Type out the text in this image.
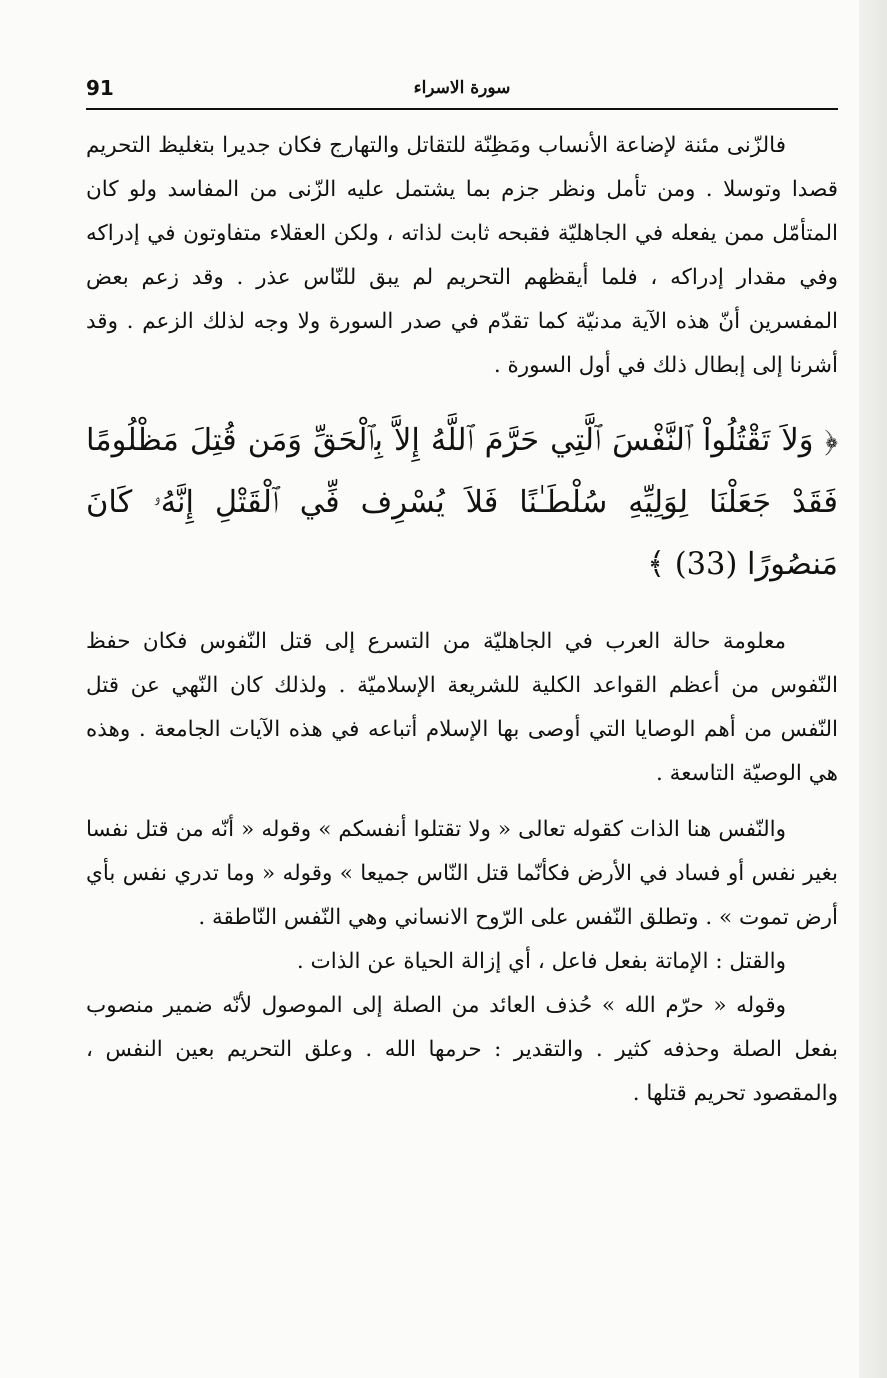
91	سورة الاسراء

فالزّنى مئنة لإضاعة الأنساب ومَظِنّة للتقاتل والتهارج فكان جديرا بتغليظ التحريم قصدا وتوسلا . ومن تأمل ونظر جزم بما يشتمل عليه الزّنى من المفاسد ولو كان المتأمّل ممن يفعله في الجاهليّة فقبحه ثابت لذاته ، ولكن العقلاء متفاوتون في إدراكه وفي مقدار إدراكه ، فلما أيقظهم التحريم لم يبق للنّاس عذر . وقد زعم بعض المفسرين أنّ هذه الآية مدنيّة كما تقدّم في صدر السورة ولا وجه لذلك الزعم . وقد أشرنا إلى إبطال ذلك في أول السورة .

﴿ وَلاَ تَقْتُلُواْ ٱلنَّفْسَ ٱلَّتِي حَرَّمَ ٱللَّهُ إِلاَّ بِٱلْحَقِّ وَمَن قُتِلَ مَظْلُومًا فَقَدْ جَعَلْنَا لِوَلِيِّهِ سُلْطَـٰنًا فَلاَ يُسْرِف فِّي ٱلْقَتْلِ إِنَّهُۥ كَانَ مَنصُورًا (33) ﴾

معلومة حالة العرب في الجاهليّة من التسرع إلى قتل النّفوس فكان حفظ النّفوس من أعظم القواعد الكلية للشريعة الإسلاميّة . ولذلك كان النّهي عن قتل النّفس من أهم الوصايا التي أوصى بها الإسلام أتباعه في هذه الآيات الجامعة . وهذه هي الوصيّة التاسعة .

والنّفس هنا الذات كقوله تعالى « ولا تقتلوا أنفسكم » وقوله « أنّه من قتل نفسا بغير نفس أو فساد في الأرض فكأنّما قتل النّاس جميعا » وقوله « وما تدري نفس بأي أرض تموت » . وتطلق النّفس على الرّوح الانساني وهي النّفس النّاطقة .

والقتل : الإماتة بفعل فاعل ، أي إزالة الحياة عن الذات .

وقوله « حرّم الله » حُذف العائد من الصلة إلى الموصول لأنّه ضمير منصوب بفعل الصلة وحذفه كثير . والتقدير : حرمها الله . وعلق التحريم بعين النفس ، والمقصود تحريم قتلها .
